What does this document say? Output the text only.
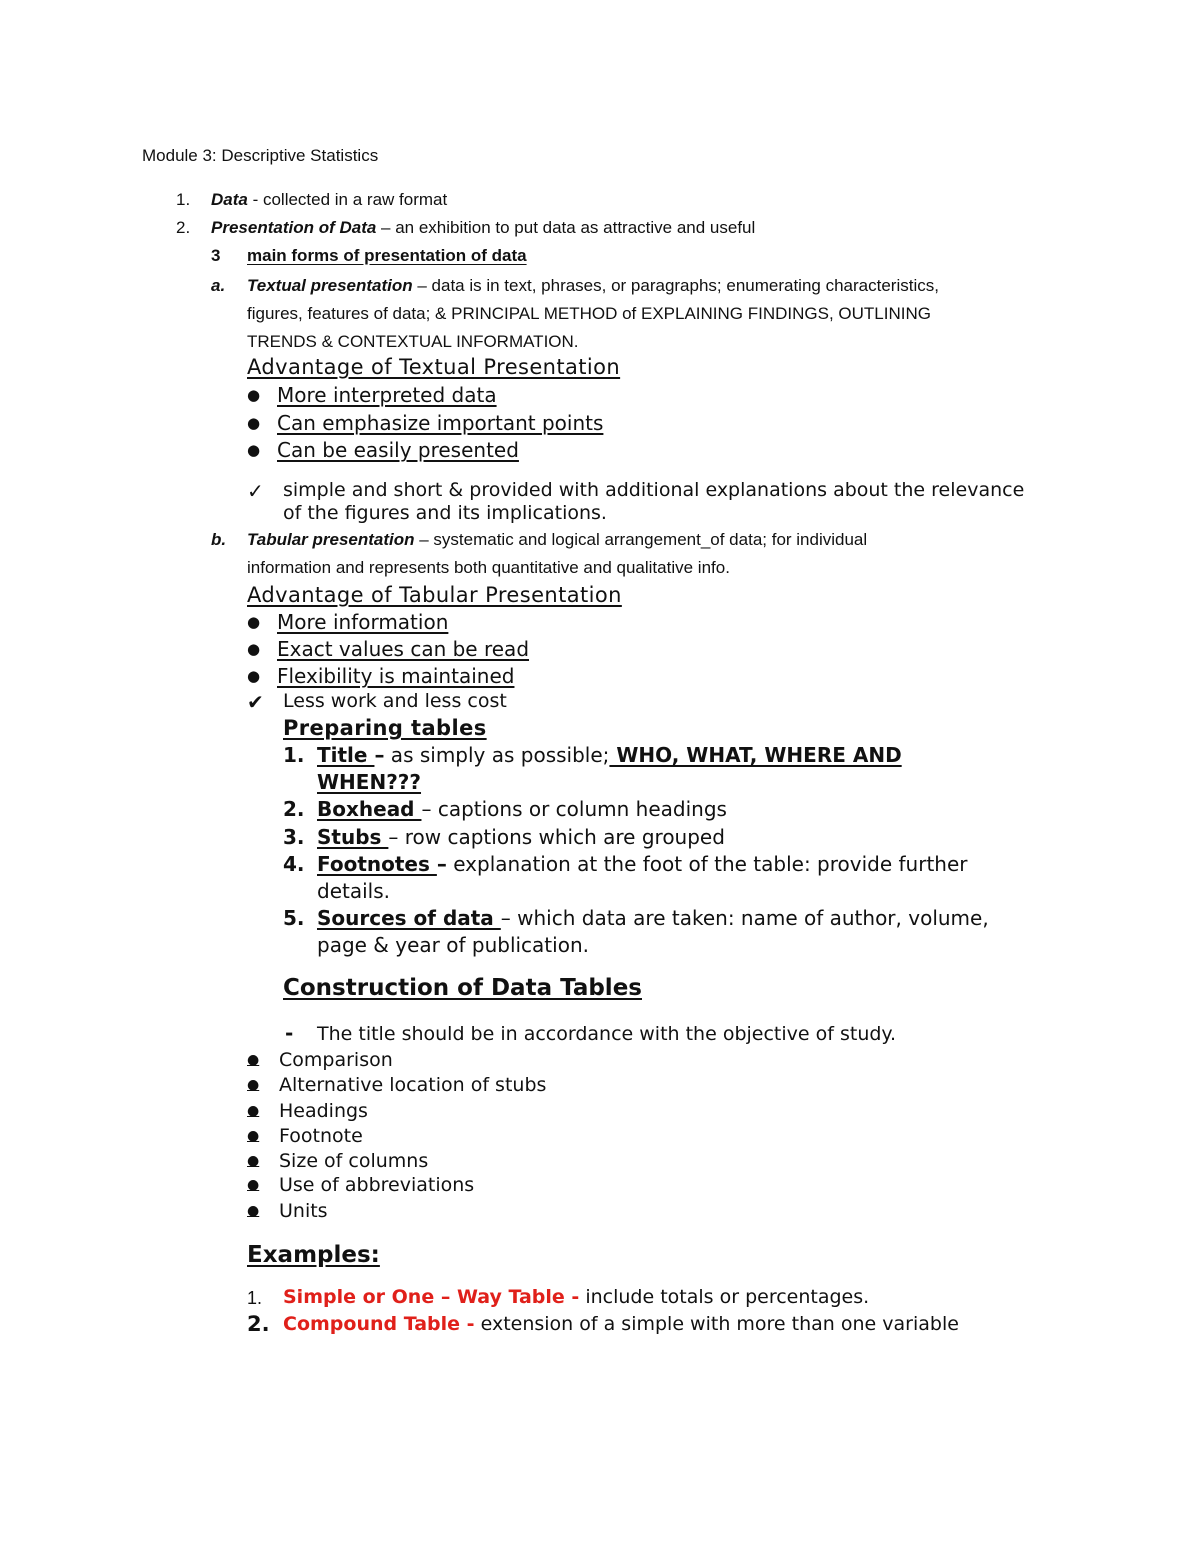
Module 3: Descriptive Statistics
1. Data - collected in a raw format
2. Presentation of Data – an exhibition to put data as attractive and useful
3 main forms of presentation of data
a. Textual presentation – data is in text, phrases, or paragraphs; enumerating characteristics,
figures, features of data; & PRINCIPAL METHOD of EXPLAINING FINDINGS, OUTLINING
TRENDS & CONTEXTUAL INFORMATION.
Advantage of Textual Presentation
● More interpreted data
● Can emphasize important points
● Can be easily presented
✓ simple and short & provided with additional explanations about the relevance
of the figures and its implications.
b. Tabular presentation – systematic and logical arrangement_of data; for individual
information and represents both quantitative and qualitative info.
Advantage of Tabular Presentation
● More information
● Exact values can be read
● Flexibility is maintained
✔ Less work and less cost
Preparing tables
1. Title – as simply as possible; WHO, WHAT, WHERE AND
WHEN???
2. Boxhead – captions or column headings
3. Stubs – row captions which are grouped
4. Footnotes – explanation at the foot of the table: provide further
details.
5. Sources of data – which data are taken: name of author, volume,
page & year of publication.
Construction of Data Tables
- The title should be in accordance with the objective of study.
● Comparison
● Alternative location of stubs
● Headings
● Footnote
● Size of columns
● Use of abbreviations
● Units
Examples:
1. Simple or One – Way Table - include totals or percentages.
2. Compound Table - extension of a simple with more than one variable
